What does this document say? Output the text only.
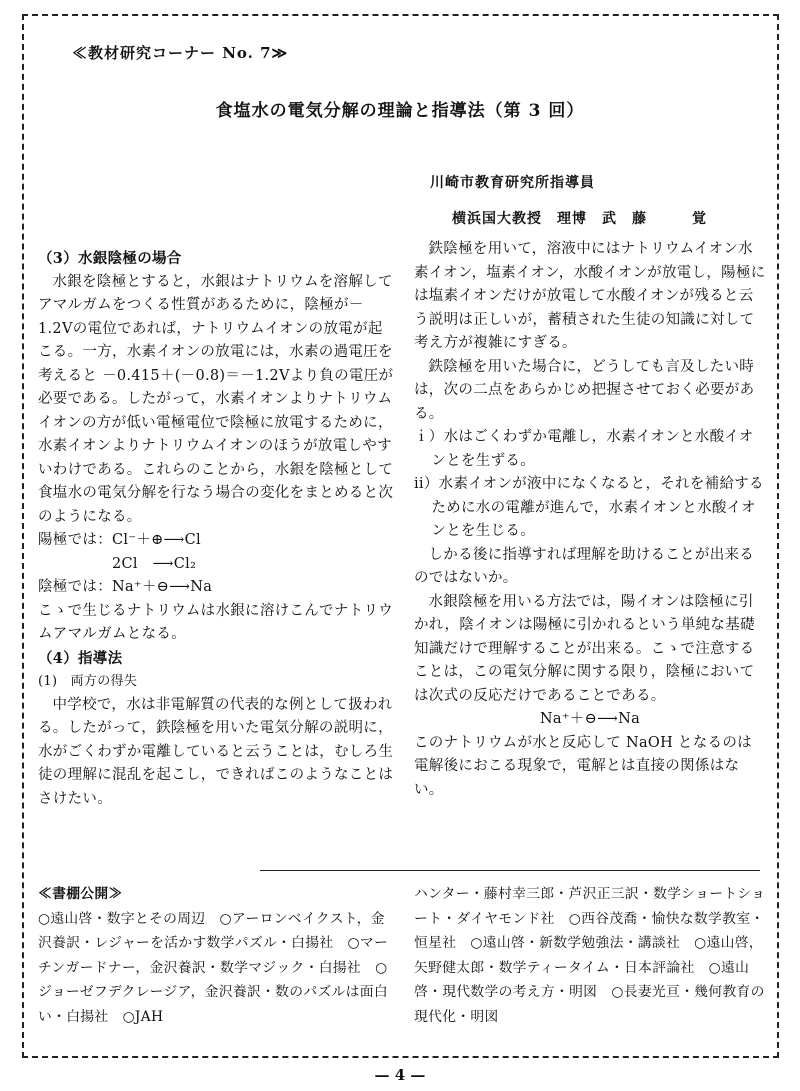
≪教材研究コーナー No. 7≫
食塩水の電気分解の理論と指導法（第 3 回）
川崎市教育研究所指導員
横浜国大教授　理博　武　藤　　　覚

（3）水銀陰極の場合

水銀を陰極とすると，水銀はナトリウムを溶解してアマルガムをつくる性質があるために，陰極が－1.2Vの電位であれば，ナトリウムイオンの放電が起こる。一方，水素イオンの放電には，水素の過電圧を考えると －0.415＋(－0.8)＝－1.2Vより負の電圧が必要である。したがって，水素イオンよりナトリウムイオンの方が低い電極電位で陰極に放電するために，水素イオンよりナトリウムイオンのほうが放電しやすいわけである。これらのことから，水銀を陰極として食塩水の電気分解を行なう場合の変化をまとめると次のようになる。

陽極では：Cl⁻＋⊕⟶Cl

　　　　　2Cl　⟶Cl₂

陰極では：Na⁺＋⊖⟶Na

こゝで生じるナトリウムは水銀に溶けこんでナトリウムアマルガムとなる。

（4）指導法

(1)　両方の得失

中学校で，水は非電解質の代表的な例として扱われる。したがって，鉄陰極を用いた電気分解の説明に，水がごくわずか電離していると云うことは，むしろ生徒の理解に混乱を起こし，できればこのようなことはさけたい。

鉄陰極を用いて，溶液中にはナトリウムイオン水素イオン，塩素イオン，水酸イオンが放電し，陽極には塩素イオンだけが放電して水酸イオンが残ると云う説明は正しいが，蓄積された生徒の知識に対して考え方が複雑にすぎる。

鉄陰極を用いた場合に，どうしても言及したい時は，次の二点をあらかじめ把握させておく必要がある。

ｉ）水はごくわずか電離し，水素イオンと水酸イオンとを生ずる。

ii）水素イオンが液中になくなると，それを補給するために水の電離が進んで，水素イオンと水酸イオンとを生じる。

しかる後に指導すれば理解を助けることが出来るのではないか。

水銀陰極を用いる方法では，陽イオンは陰極に引かれ，陰イオンは陽極に引かれるという単純な基礎知識だけで理解することが出来る。こゝで注意することは，この電気分解に関する限り，陰極においては次式の反応だけであることである。

Na⁺＋⊖⟶Na

このナトリウムが水と反応して NaOH となるのは電解後におこる現象で，電解とは直接の関係はない。

≪書棚公開≫

○遠山啓・数字とその周辺　○アーロンベイクスト，金沢養訳・レジャーを活かす数学パズル・白揚社　○マーチンガードナー，金沢養訳・数学マジック・白揚社　○ジョーゼフデクレージア，金沢養訳・数のパズルは面白い・白揚社　○JAH

ハンター・藤村幸三郎・芦沢正三訳・数学ショートショート・ダイヤモンド社　○西谷茂喬・愉快な数学教室・恒星社　○遠山啓・新数学勉強法・講談社　○遠山啓，矢野健太郎・数学ティータイム・日本評論社　○遠山啓・現代数学の考え方・明図　○長妻光亘・幾何教育の現代化・明図

— 4 —
